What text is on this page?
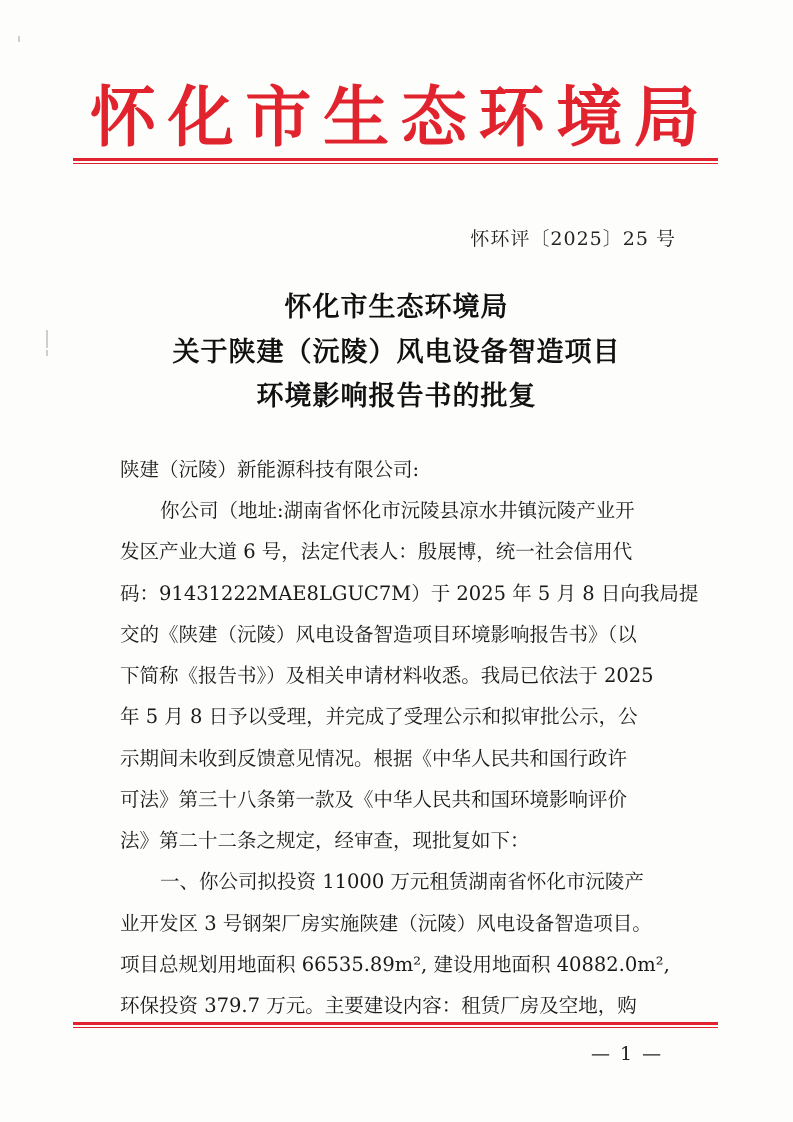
怀 化 市 生 态 环 境 局
怀环评〔2025〕25 号
怀化市生态环境局
关于陕建（沅陵）风电设备智造项目
环境影响报告书的批复
陕建（沅陵）新能源科技有限公司:
你公司（地址:湖南省怀化市沅陵县凉水井镇沅陵产业开
发区产业大道 6 号，法定代表人：殷展博，统一社会信用代
码：91431222MAE8LGUC7M）于 2025 年 5 月 8 日向我局提
交的《陕建（沅陵）风电设备智造项目环境影响报告书》（以
下简称《报告书》）及相关申请材料收悉。我局已依法于 2025
年 5 月 8 日予以受理，并完成了受理公示和拟审批公示，公
示期间未收到反馈意见情况。根据《中华人民共和国行政许
可法》第三十八条第一款及《中华人民共和国环境影响评价
法》第二十二条之规定，经审查，现批复如下：
一、你公司拟投资 11000 万元租赁湖南省怀化市沅陵产
业开发区 3 号钢架厂房实施陕建（沅陵）风电设备智造项目。
项目总规划用地面积 66535.89m², 建设用地面积 40882.0m²,
环保投资 379.7 万元。主要建设内容：租赁厂房及空地，购
— 1 —
